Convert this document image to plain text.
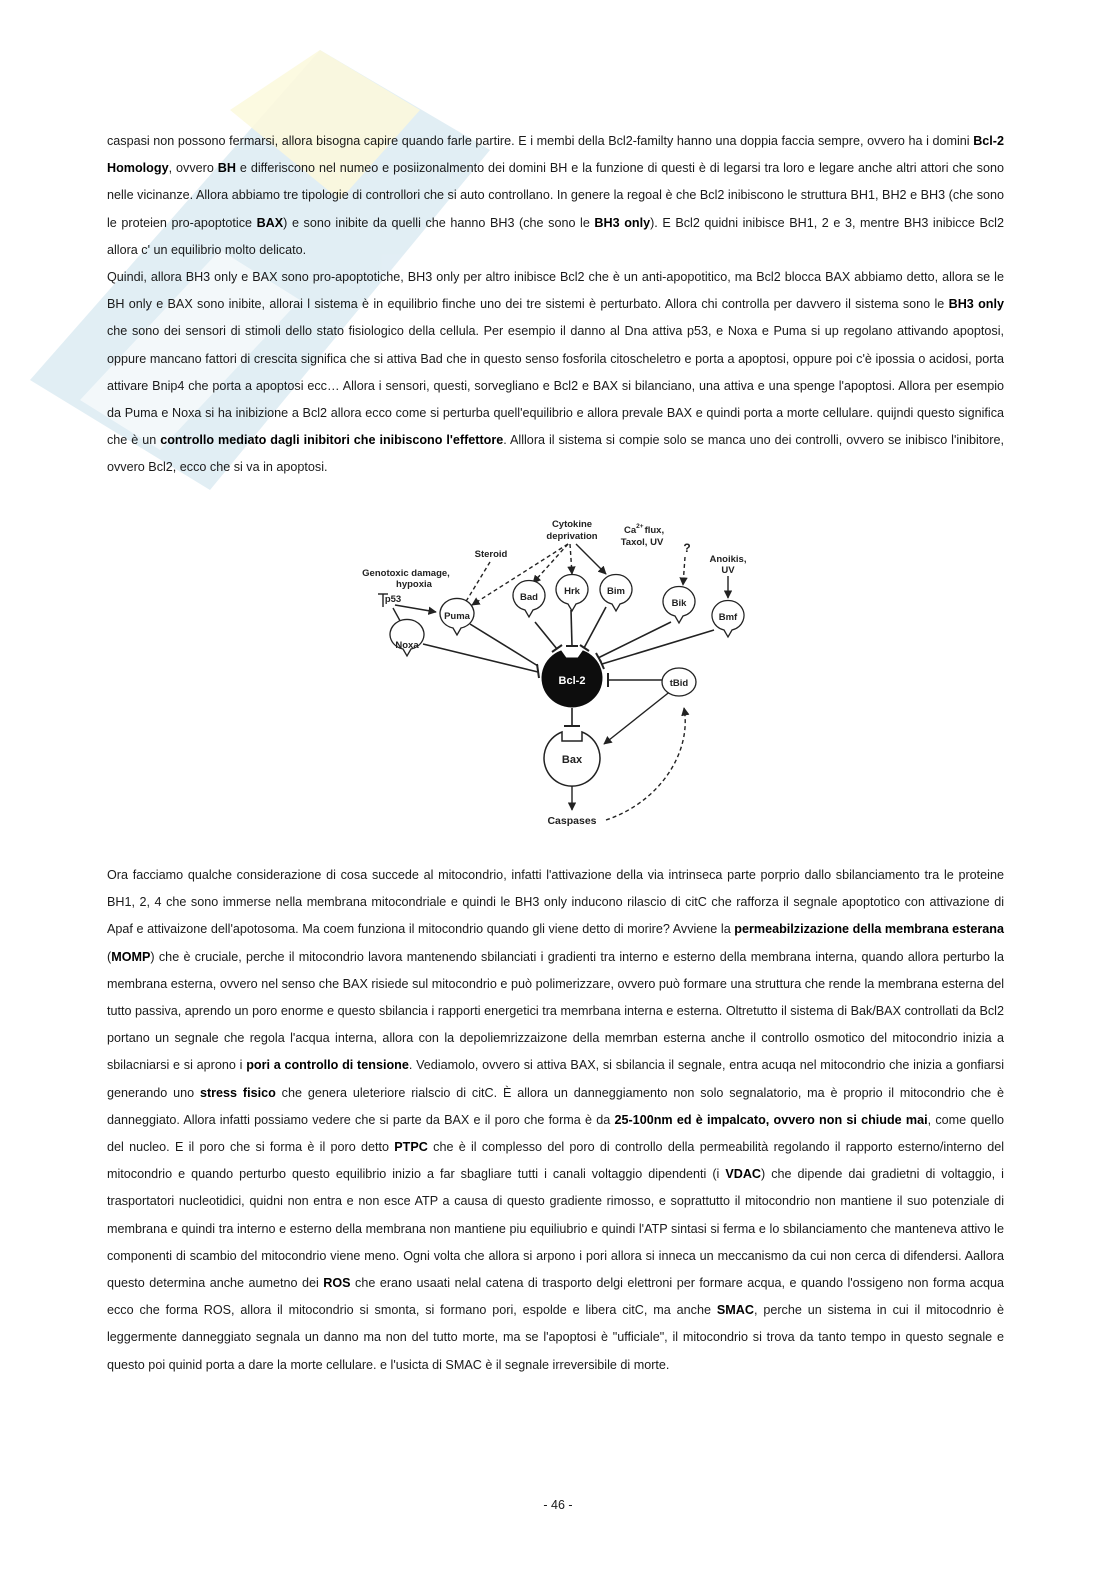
caspasi non possono fermarsi, allora bisogna capire quando farle partire. E i membi della Bcl2-familty hanno una doppia faccia sempre, ovvero ha i domini Bcl-2 Homology, ovvero BH e differiscono nel numeo e posiizonalmento dei domini BH e la funzione di questi è di legarsi tra loro e legare anche altri attori che sono nelle vicinanze. Allora abbiamo tre tipologie di controllori che si auto controllano. In genere la regoal è che Bcl2 inibiscono le struttura BH1, BH2 e BH3 (che sono le proteien pro-apoptotice BAX) e sono inibite da quelli che hanno BH3 (che sono le BH3 only). E Bcl2 quidni inibisce BH1, 2 e 3, mentre BH3 inibicce Bcl2 allora c' un equilibrio molto delicato.

Quindi, allora BH3 only e BAX sono pro-apoptotiche, BH3 only per altro inibisce Bcl2 che è un anti-apopotitico, ma Bcl2 blocca BAX abbiamo detto, allora se le BH only e BAX sono inibite, allorai l sistema è in equilibrio finche uno dei tre sistemi è perturbato. Allora chi controlla per davvero il sistema sono le BH3 only che sono dei sensori di stimoli dello stato fisiologico della cellula. Per esempio il danno al Dna attiva p53, e Noxa e Puma si up regolano attivando apoptosi, oppure mancano fattori di crescita significa che si attiva Bad che in questo senso fosforila citoscheletro e porta a apoptosi, oppure poi c'è ipossia o acidosi, porta attivare Bnip4 che porta a apoptosi ecc… Allora i sensori, questi, sorvegliano e Bcl2 e BAX si bilanciano, una attiva e una spenge l'apoptosi. Allora per esempio da Puma e Noxa si ha inibizione a Bcl2 allora ecco come si perturba quell'equilibrio e allora prevale BAX e quindi porta a morte cellulare. quijndi questo significa che è un controllo mediato dagli inibitori che inibiscono l'effettore. Alllora il sistema si compie solo se manca uno dei controlli, ovvero se inibisco l'inibitore, ovvero Bcl2, ecco che si va in apoptosi.

Genotoxic damage,
hypoxia
p53
Steroid
Cytokine
deprivation
$Ca^{2+}flux$,
Taxol, UV ?
Anoikis,
UV
Noxa
Puma
Bad
Hrk	Bim
Bik
Bmf
tBid
Bcl-2
Bax
Caspases

Ora facciamo qualche considerazione di cosa succede al mitocondrio, infatti l'attivazione della via intrinseca parte porprio dallo sbilanciamento tra le proteine BH1, 2, 4 che sono immerse nella membrana mitocondriale e quindi le BH3 only inducono rilascio di citC che rafforza il segnale apoptotico con attivazione di Apaf e attivaizone dell'apotosoma. Ma coem funziona il mitocondrio quando gli viene detto di morire? Avviene la permeabilzizazione della membrana esterana (MOMP) che è cruciale, perche il mitocondrio lavora mantenendo sbilanciati i gradienti tra interno e esterno della membrana interna, quando allora perturbo la membrana esterna, ovvero nel senso che BAX risiede sul mitocondrio e può polimerizzare, ovvero può formare una struttura che rende la membrana esterna del tutto passiva, aprendo un poro enorme e questo sbilancia i rapporti energetici tra memrbana interna e esterna. Oltretutto il sistema di Bak/BAX controllati da Bcl2 portano un segnale che regola l'acqua interna, allora con la depoliemrizzaizone della memrban esterna anche il controllo osmotico del mitocondrio inizia a sbilacniarsi e si aprono i pori a controllo di tensione. Vediamolo, ovvero si attiva BAX, si sbilancia il segnale, entra acuqa nel mitocondrio che inizia a gonfiarsi generando uno stress fisico che genera uleteriore rialscio di citC. È allora un danneggiamento non solo segnalatorio, ma è proprio il mitocondrio che è danneggiato. Allora infatti possiamo vedere che si parte da BAX e il poro che forma è da 25-100nm ed è impalcato, ovvero non si chiude mai, come quello del nucleo. E il poro che si forma è il poro detto PTPC che è il complesso del poro di controllo della permeabilità regolando il rapporto esterno/interno del mitocondrio e quando perturbo questo equilibrio inizio a far sbagliare tutti i canali voltaggio dipendenti (i VDAC) che dipende dai gradietni di voltaggio, i trasportatori nucleotidici, quidni non entra e non esce ATP a causa di questo gradiente rimosso, e soprattutto il mitocondrio non mantiene il suo potenziale di membrana e quindi tra interno e esterno della membrana non mantiene piu equiliubrio e quindi l'ATP sintasi si ferma e lo sbilanciamento che manteneva attivo le componenti di scambio del mitocondrio viene meno. Ogni volta che allora si arpono i pori allora si inneca un meccanismo da cui non cerca di difendersi. Aallora questo determina anche aumetno dei ROS che erano usaati nelal catena di trasporto delgi elettroni per formare acqua, e quando l'ossigeno non forma acqua ecco che forma ROS, allora il mitocondrio si smonta, si formano pori, espolde e libera citC, ma anche SMAC, perche un sistema in cui il mitocodnrio è leggermente danneggiato segnala un danno ma non del tutto morte, ma se l'apoptosi è "ufficiale", il mitocondrio si trova da tanto tempo in questo segnale e questo poi quinid porta a dare la morte cellulare. e l'usicta di SMAC è il segnale irreversibile di morte.

- 46 -
